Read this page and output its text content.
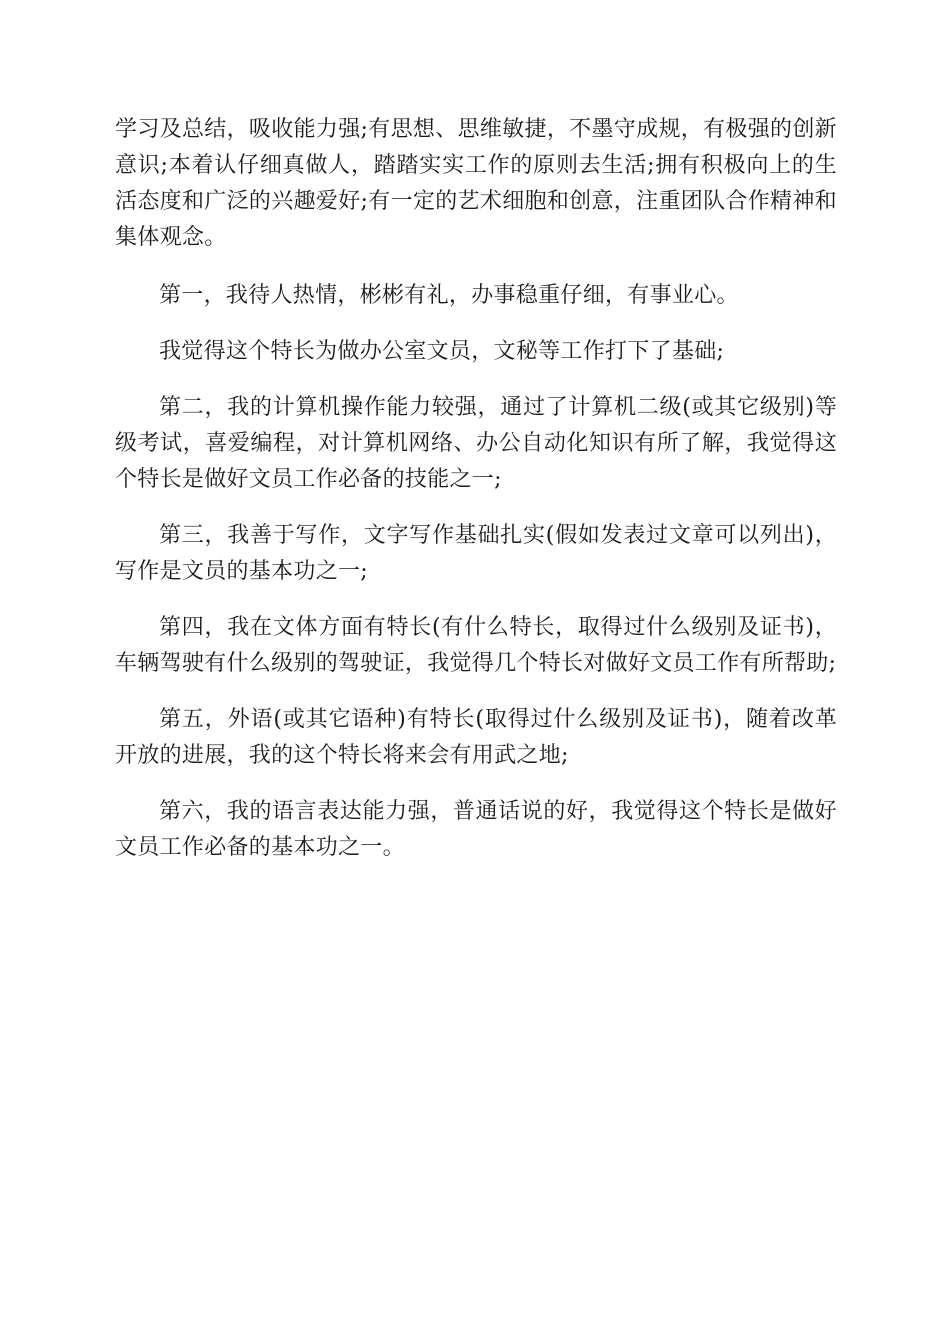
学习及总结，吸收能力强;有思想、思维敏捷，不墨守成规，有极强的创新意识;本着认仔细真做人，踏踏实实工作的原则去生活;拥有积极向上的生活态度和广泛的兴趣爱好;有一定的艺术细胞和创意，注重团队合作精神和集体观念。

第一，我待人热情，彬彬有礼，办事稳重仔细，有事业心。

我觉得这个特长为做办公室文员，文秘等工作打下了基础;

第二，我的计算机操作能力较强，通过了计算机二级(或其它级别)等级考试，喜爱编程，对计算机网络、办公自动化知识有所了解，我觉得这个特长是做好文员工作必备的技能之一;

第三，我善于写作，文字写作基础扎实(假如发表过文章可以列出)，写作是文员的基本功之一;

第四，我在文体方面有特长(有什么特长，取得过什么级别及证书)，车辆驾驶有什么级别的驾驶证，我觉得几个特长对做好文员工作有所帮助;

第五，外语(或其它语种)有特长(取得过什么级别及证书)，随着改革开放的进展，我的这个特长将来会有用武之地;

第六，我的语言表达能力强，普通话说的好，我觉得这个特长是做好文员工作必备的基本功之一。
